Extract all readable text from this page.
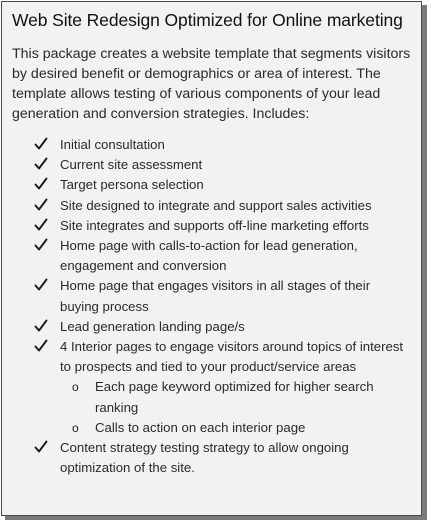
Web Site Redesign Optimized for Online marketing
This package creates a website template that segments visitors by desired benefit or demographics or area of interest. The template allows testing of various components of your lead generation and conversion strategies. Includes:
Initial consultation
Current site assessment
Target persona selection
Site designed to integrate and support sales activities
Site integrates and supports off-line marketing efforts
Home page with calls-to-action for lead generation, engagement and conversion
Home page that engages visitors in all stages of their buying process
Lead generation landing page/s
4 Interior pages to engage visitors around topics of interest to prospects and tied to your product/service areas
o Each page keyword optimized for higher search ranking
o Calls to action on each interior page
Content strategy testing strategy to allow ongoing optimization of the site.
